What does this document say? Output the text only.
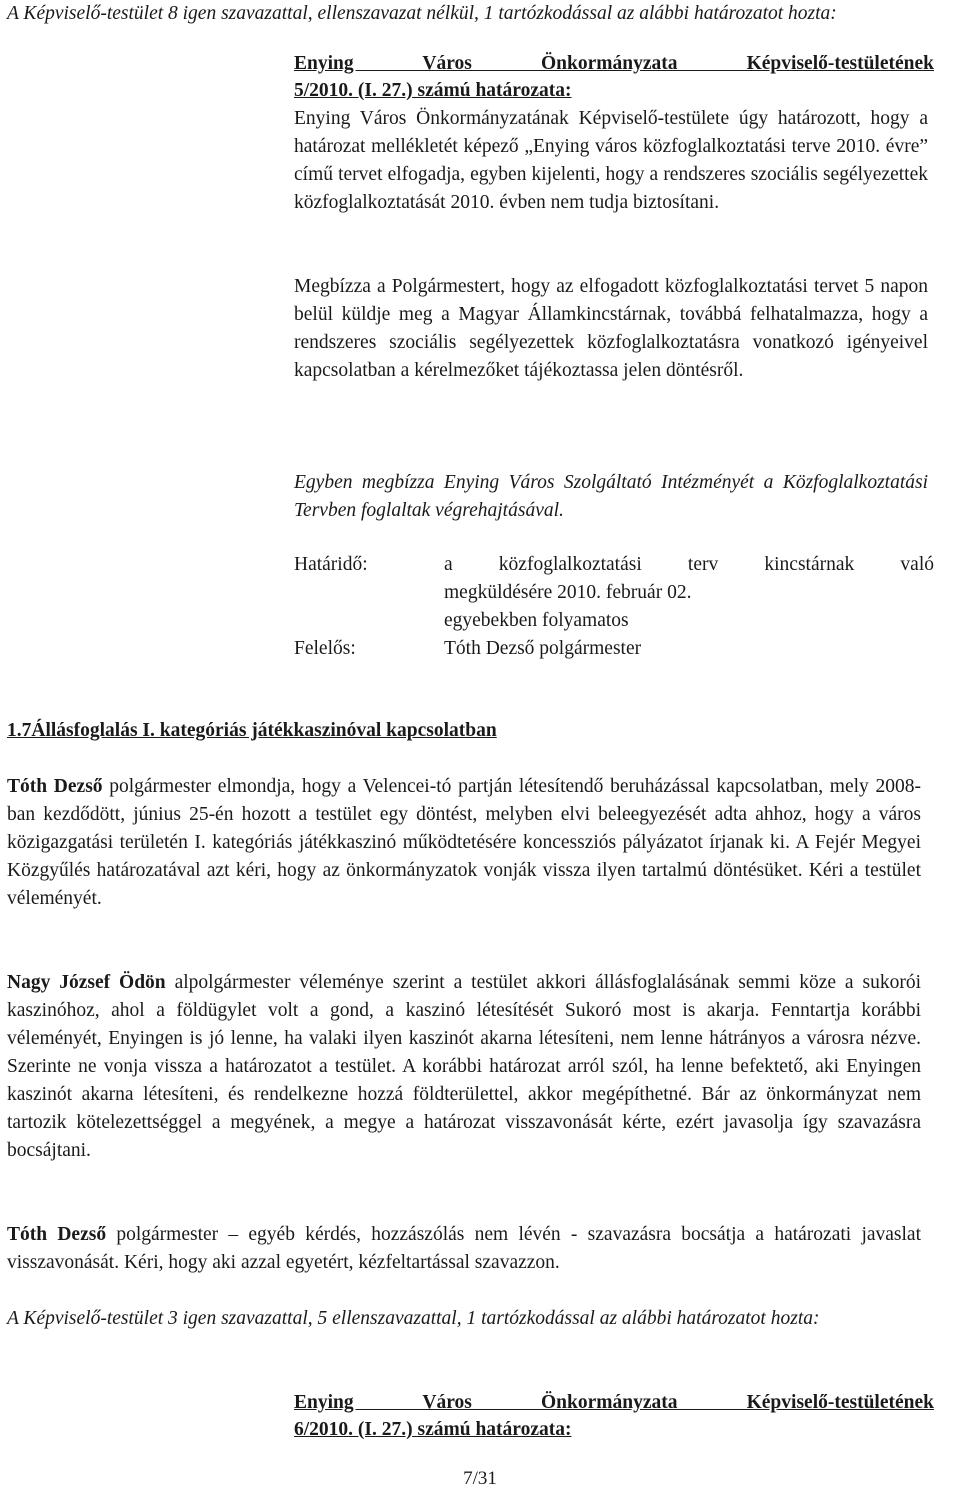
A Képviselő-testület 8 igen szavazattal, ellenszavazat nélkül, 1 tartózkodással az alábbi határozatot hozta:

Enying Város Önkormányzata Képviselő-testületének

5/2010. (I. 27.) számú határozata:

Enying Város Önkormányzatának Képviselő-testülete úgy határozott, hogy a határozat mellékletét képező „Enying város közfoglalkoztatási terve 2010. évre” című tervet elfogadja, egyben kijelenti, hogy a rendszeres szociális segélyezettek közfoglalkoztatását 2010. évben nem tudja biztosítani.

Megbízza a Polgármestert, hogy az elfogadott közfoglalkoztatási tervet 5 napon belül küldje meg a Magyar Államkincstárnak, továbbá felhatalmazza, hogy a rendszeres szociális segélyezettek közfoglalkoztatásra vonatkozó igényeivel kapcsolatban a kérelmezőket tájékoztassa jelen döntésről.

Egyben megbízza Enying Város Szolgáltató Intézményét a Közfoglalkoztatási Tervben foglaltak végrehajtásával.

Határidő:	a közfoglalkoztatási terv kincstárnak való
megküldésére 2010. február 02.
egyebekben folyamatos
Felelős:	Tóth Dezső polgármester

1.7Állásfoglalás I. kategóriás játékkaszinóval kapcsolatban

Tóth Dezső polgármester elmondja, hogy a Velencei-tó partján létesítendő beruházással kapcsolatban, mely 2008-ban kezdődött, június 25-én hozott a testület egy döntést, melyben elvi beleegyezését adta ahhoz, hogy a város közigazgatási területén I. kategóriás játékkaszinó működtetésére koncessziós pályázatot írjanak ki. A Fejér Megyei Közgyűlés határozatával azt kéri, hogy az önkormányzatok vonják vissza ilyen tartalmú döntésüket. Kéri a testület véleményét.

Nagy József Ödön alpolgármester véleménye szerint a testület akkori állásfoglalásának semmi köze a sukorói kaszinóhoz, ahol a földügylet volt a gond, a kaszinó létesítését Sukoró most is akarja. Fenntartja korábbi véleményét, Enyingen is jó lenne, ha valaki ilyen kaszinót akarna létesíteni, nem lenne hátrányos a városra nézve. Szerinte ne vonja vissza a határozatot a testület. A korábbi határozat arról szól, ha lenne befektető, aki Enyingen kaszinót akarna létesíteni, és rendelkezne hozzá földterülettel, akkor megépíthetné. Bár az önkormányzat nem tartozik kötelezettséggel a megyének, a megye a határozat visszavonását kérte, ezért javasolja így szavazásra bocsájtani.

Tóth Dezső polgármester – egyéb kérdés, hozzászólás nem lévén - szavazásra bocsátja a határozati javaslat visszavonását. Kéri, hogy aki azzal egyetért, kézfeltartással szavazzon.

A Képviselő-testület 3 igen szavazattal, 5 ellenszavazattal, 1 tartózkodással az alábbi határozatot hozta:

Enying Város Önkormányzata Képviselő-testületének

6/2010. (I. 27.) számú határozata:

7/31
